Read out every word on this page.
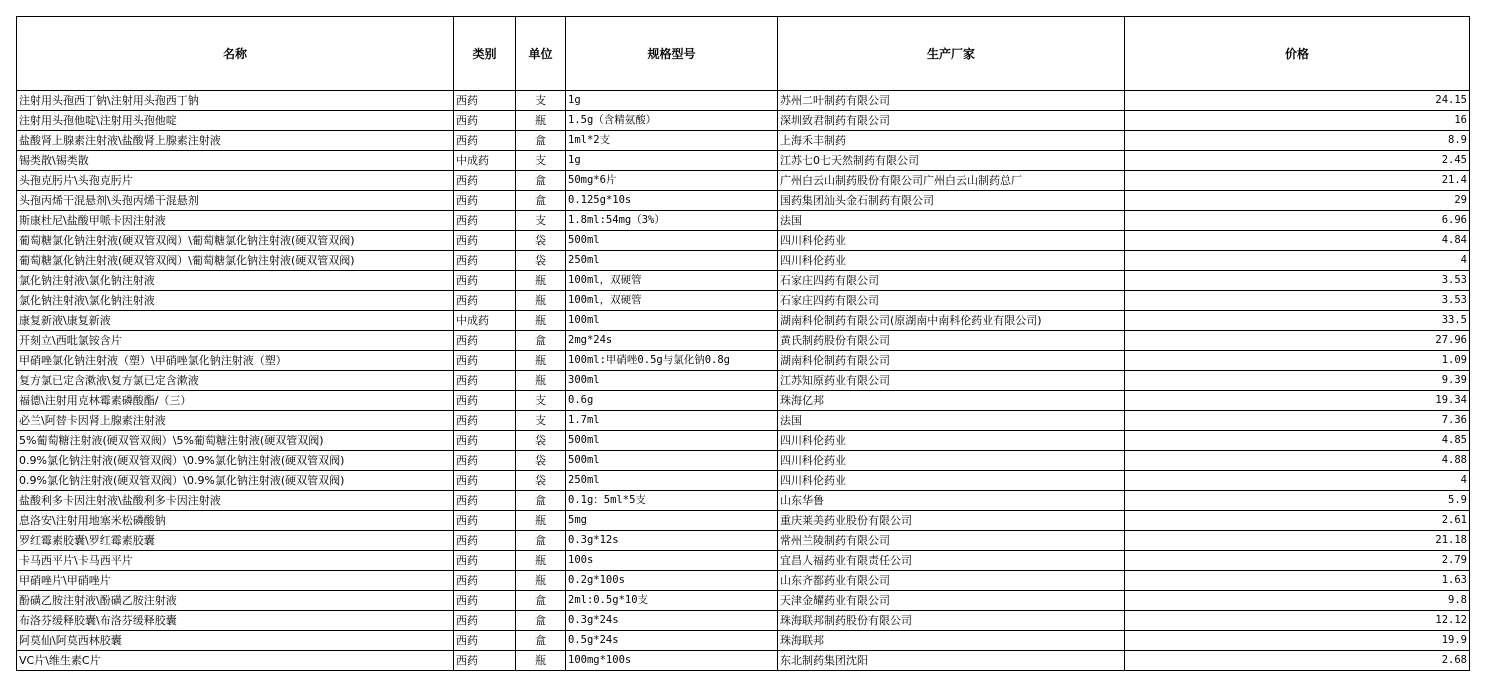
名称	类别	单位	规格型号	生产厂家	价格
注射用头孢西丁钠\注射用头孢西丁钠	西药	支	1g	苏州二叶制药有限公司	24.15
注射用头孢他啶\注射用头孢他啶	西药	瓶	1.5g（含精氨酸）	深圳致君制药有限公司	16
盐酸肾上腺素注射液\盐酸肾上腺素注射液	西药	盒	1ml*2支	上海禾丰制药	8.9
锡类散\锡类散	中成药	支	1g	江苏七0七天然制药有限公司	2.45
头孢克肟片\头孢克肟片	西药	盒	50mg*6片	广州白云山制药股份有限公司广州白云山制药总厂	21.4
头孢丙烯干混悬剂\头孢丙烯干混悬剂	西药	盒	0.125g*10s	国药集团汕头金石制药有限公司	29
斯康杜尼\盐酸甲哌卡因注射液	西药	支	1.8ml:54mg（3%）	法国	6.96
葡萄糖氯化钠注射液(硬双管双阀）\葡萄糖氯化钠注射液(硬双管双阀)	西药	袋	500ml	四川科伦药业	4.84
葡萄糖氯化钠注射液(硬双管双阀）\葡萄糖氯化钠注射液(硬双管双阀)	西药	袋	250ml	四川科伦药业	4
氯化钠注射液\氯化钠注射液	西药	瓶	100ml，双硬管	石家庄四药有限公司	3.53
氯化钠注射液\氯化钠注射液	西药	瓶	100ml，双硬管	石家庄四药有限公司	3.53
康复新液\康复新液	中成药	瓶	100ml	湖南科伦制药有限公司(原湖南中南科伦药业有限公司)	33.5
开刻立\西吡氯铵含片	西药	盒	2mg*24s	黄氏制药股份有限公司	27.96
甲硝唑氯化钠注射液（塑）\甲硝唑氯化钠注射液（塑）	西药	瓶	100ml:甲硝唑0.5g与氯化钠0.8g	湖南科伦制药有限公司	1.09
复方氯已定含漱液\复方氯已定含漱液	西药	瓶	300ml	江苏知原药业有限公司	9.39
福德\注射用克林霉素磷酸酯/（三）	西药	支	0.6g	珠海亿邦	19.34
必兰\阿替卡因肾上腺素注射液	西药	支	1.7ml	法国	7.36
5%葡萄糖注射液(硬双管双阀）\5%葡萄糖注射液(硬双管双阀)	西药	袋	500ml	四川科伦药业	4.85
0.9%氯化钠注射液(硬双管双阀）\0.9%氯化钠注射液(硬双管双阀)	西药	袋	500ml	四川科伦药业	4.88
0.9%氯化钠注射液(硬双管双阀）\0.9%氯化钠注射液(硬双管双阀)	西药	袋	250ml	四川科伦药业	4
盐酸利多卡因注射液\盐酸利多卡因注射液	西药	盒	0.1g：5ml*5支	山东华鲁	5.9
息洛安\注射用地塞米松磷酸钠	西药	瓶	5mg	重庆莱美药业股份有限公司	2.61
罗红霉素胶囊\罗红霉素胶囊	西药	盒	0.3g*12s	常州兰陵制药有限公司	21.18
卡马西平片\卡马西平片	西药	瓶	100s	宜昌人福药业有限责任公司	2.79
甲硝唑片\甲硝唑片	西药	瓶	0.2g*100s	山东齐都药业有限公司	1.63
酚磺乙胺注射液\酚磺乙胺注射液	西药	盒	2ml:0.5g*10支	天津金耀药业有限公司	9.8
布洛芬缓释胶囊\布洛芬缓释胶囊	西药	盒	0.3g*24s	珠海联邦制药股份有限公司	12.12
阿莫仙\阿莫西林胶囊	西药	盒	0.5g*24s	珠海联邦	19.9
VC片\维生素C片	西药	瓶	100mg*100s	东北制药集团沈阳	2.68
